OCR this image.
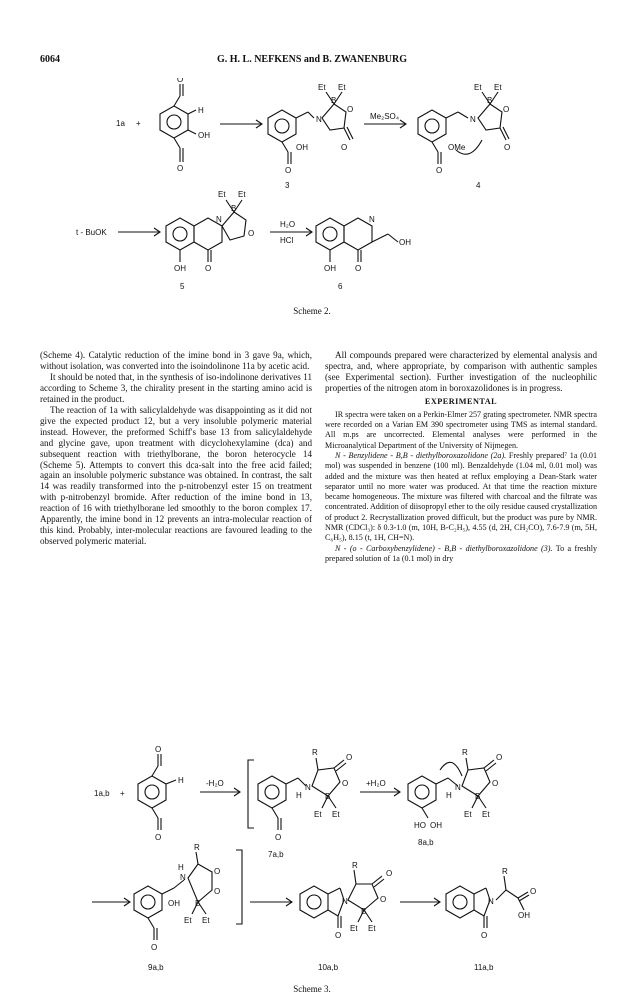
6064	G. H. L. NEFKENS and B. ZWANENBURG
1a +
O
H
OH
O
N
B
Et Et
O
OH
O
O
3
Me₂SO₄	N
B
Et Et
O
OMe
O
O
4
t - BuOK
N
B
Et Et
O
OH O
5
H₂O
HCl
N
OH
OH O
6
Scheme 2.

(Scheme 4). Catalytic reduction of the imine bond in 3 gave 9a, which, without isolation, was converted into the isoindolinone 11a by acetic acid.

It should be noted that, in the synthesis of iso-indolinone derivatives 11 according to Scheme 3, the chirality present in the starting amino acid is retained in the product.

The reaction of 1a with salicylaldehyde was disappointing as it did not give the expected product 12, but a very insoluble polymeric material instead. However, the preformed Schiff's base 13 from salicylaldehyde and glycine gave, upon treatment with dicyclohexylamine (dca) and subsequent reaction with triethylborane, the boron heterocycle 14 (Scheme 5). Attempts to convert this dca-salt into the free acid failed; again an insoluble polymeric substance was obtained. In contrast, the salt 14 was readily transformed into the p-nitrobenzyl ester 15 on treatment with p-nitrobenzyl bromide. After reduction of the imine bond in 13, reaction of 16 with triethylborane led smoothly to the boron complex 17. Apparently, the imine bond in 12 prevents an intra-molecular reaction of this kind. Probably, inter-molecular reactions are favoured leading to the observed polymeric material.

All compounds prepared were characterized by elemental analysis and spectra, and, where appropriate, by comparison with authentic samples (see Experimental section). Further investigation of the nucleophilic properties of the nitrogen atom in boroxazolidones is in progress.

EXPERIMENTAL

IR spectra were taken on a Perkin-Elmer 257 grating spectrometer. NMR spectra were recorded on a Varian EM 390 spectrometer using TMS as internal standard. All m.ps are uncorrected. Elemental analyses were performed in the Microanalytical Department of the University of Nijmegen.

N - Benzylidene - B,B - diethylboroxazolidone (2a). Freshly prepared⁷ 1a (0.01 mol) was suspended in benzene (100 ml). Benzaldehyde (1.04 ml, 0.01 mol) was added and the mixture was then heated at reflux employing a Dean-Stark water separator until no more water was produced. At that time the reaction mixture became homogeneous. The mixture was filtered with charcoal and the filtrate was concentrated. Addition of diisopropyl ether to the oily residue caused crystallization of product 2. Recrystallization proved difficult, but the product was pure by NMR. NMR (CDCl₃): δ 0.3-1.0 (m, 10H, B-C₂H₅), 4.55 (d, 2H, CH₂CO), 7.6-7.9 (m, 5H, C₆H₅), 8.15 (t, 1H, CH=N).

N - (o - Carboxybenzylidene) - B,B - diethylboroxazolidone (3). To a freshly prepared solution of 1a (0.1 mol) in dry

1a,b +
O
H
O
-H₂O
R
O
O
N
B
H
Et Et
O
7a,b
+H₂O
R
O
O
N
B
H
Et Et
HO OH
8a,b
R
H
N
O
O
OH B
Et Et
O
9a,b
R
N
O
O
B
Et Et
O
10a,b
R
N
O
OH
O
11a,b
Scheme 3.
